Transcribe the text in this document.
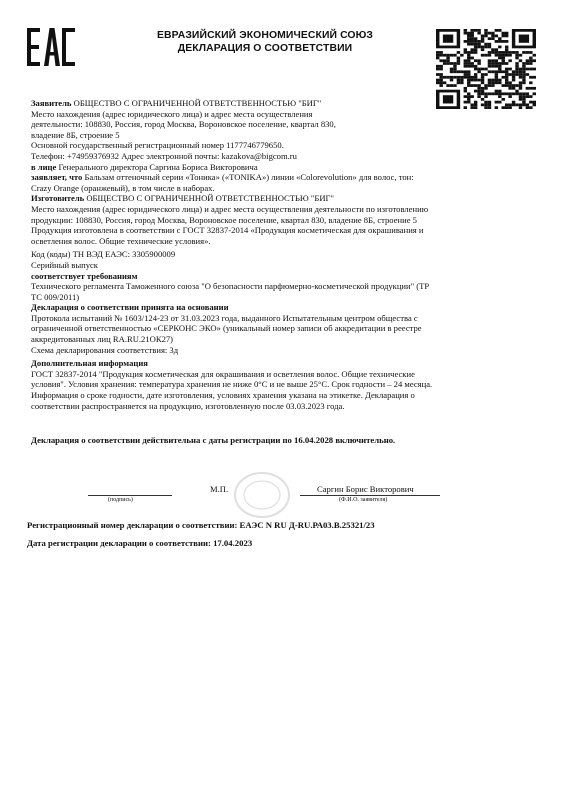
ЕВРАЗИЙСКИЙ ЭКОНОМИЧЕСКИЙ СОЮЗ
ДЕКЛАРАЦИЯ О СООТВЕТСТВИИ

Заявитель ОБЩЕСТВО С ОГРАНИЧЕННОЙ ОТВЕТСТВЕННОСТЬЮ "БИГ"

Место нахождения (адрес юридического лица) и адрес места осуществления

деятельности: 108830, Россия, город Москва, Вороновское поселение, квартал 830,

владение 8Б, строение 5

Основной государственный регистрационный номер 1177746779650.

Телефон: +74959376932 Адрес электронной почты: kazakova@bigcom.ru

в лице Генерального директора Саргина Бориса Викторовича

заявляет, что Бальзам оттеночный серии «Тоника» («TONIKA») линии «Colorevolution» для волос, тон:

Crazy Orange (оранжевый), в том числе в наборах.

Изготовитель ОБЩЕСТВО С ОГРАНИЧЕННОЙ ОТВЕТСТВЕННОСТЬЮ "БИГ"

Место нахождения (адрес юридического лица) и адрес места осуществления деятельности по изготовлению

продукции: 108830, Россия, город Москва, Вороновское поселение, квартал 830, владение 8Б, строение 5

Продукция изготовлена в соответствии с ГОСТ 32837-2014 «Продукция косметическая для окрашивания и

осветления волос. Общие технические условия».

Код (коды) ТН ВЭД ЕАЭС: 3305900009

Серийный выпуск

соответствует требованиям

Технического регламента Таможенного союза "О безопасности парфюмерно-косметической продукции" (ТР

ТС 009/2011)

Декларация о соответствии принята на основании

Протокола испытаний № 1603/124-23 от 31.03.2023 года, выданного Испытательным центром общества с

ограниченной ответственностью «СЕРКОНС ЭКО» (уникальный номер записи об аккредитации в реестре

аккредитованных лиц RA.RU.21ОК27)

Схема декларирования соответствия: 3д

Дополнительная информация

ГОСТ 32837-2014 "Продукция косметическая для окрашивания и осветления волос. Общие технические

условия". Условия хранения: температура хранения не ниже 0°С и не выше 25°С. Срок годности – 24 месяца.

Информация о сроке годности, дате изготовления, условиях хранения указана на этикетке. Декларация о

соответствии распространяется на продукцию, изготовленную после 03.03.2023 года.

Декларация о соответствии действительна с даты регистрации по 16.04.2028 включительно.
(подпись)
М.П.	Саргин Борис Викторович
(Ф.И.О. заявителя)
Регистрационный номер декларации о соответствии: ЕАЭС N RU Д-RU.РА03.В.25321/23
Дата регистрации декларации о соответствии: 17.04.2023
